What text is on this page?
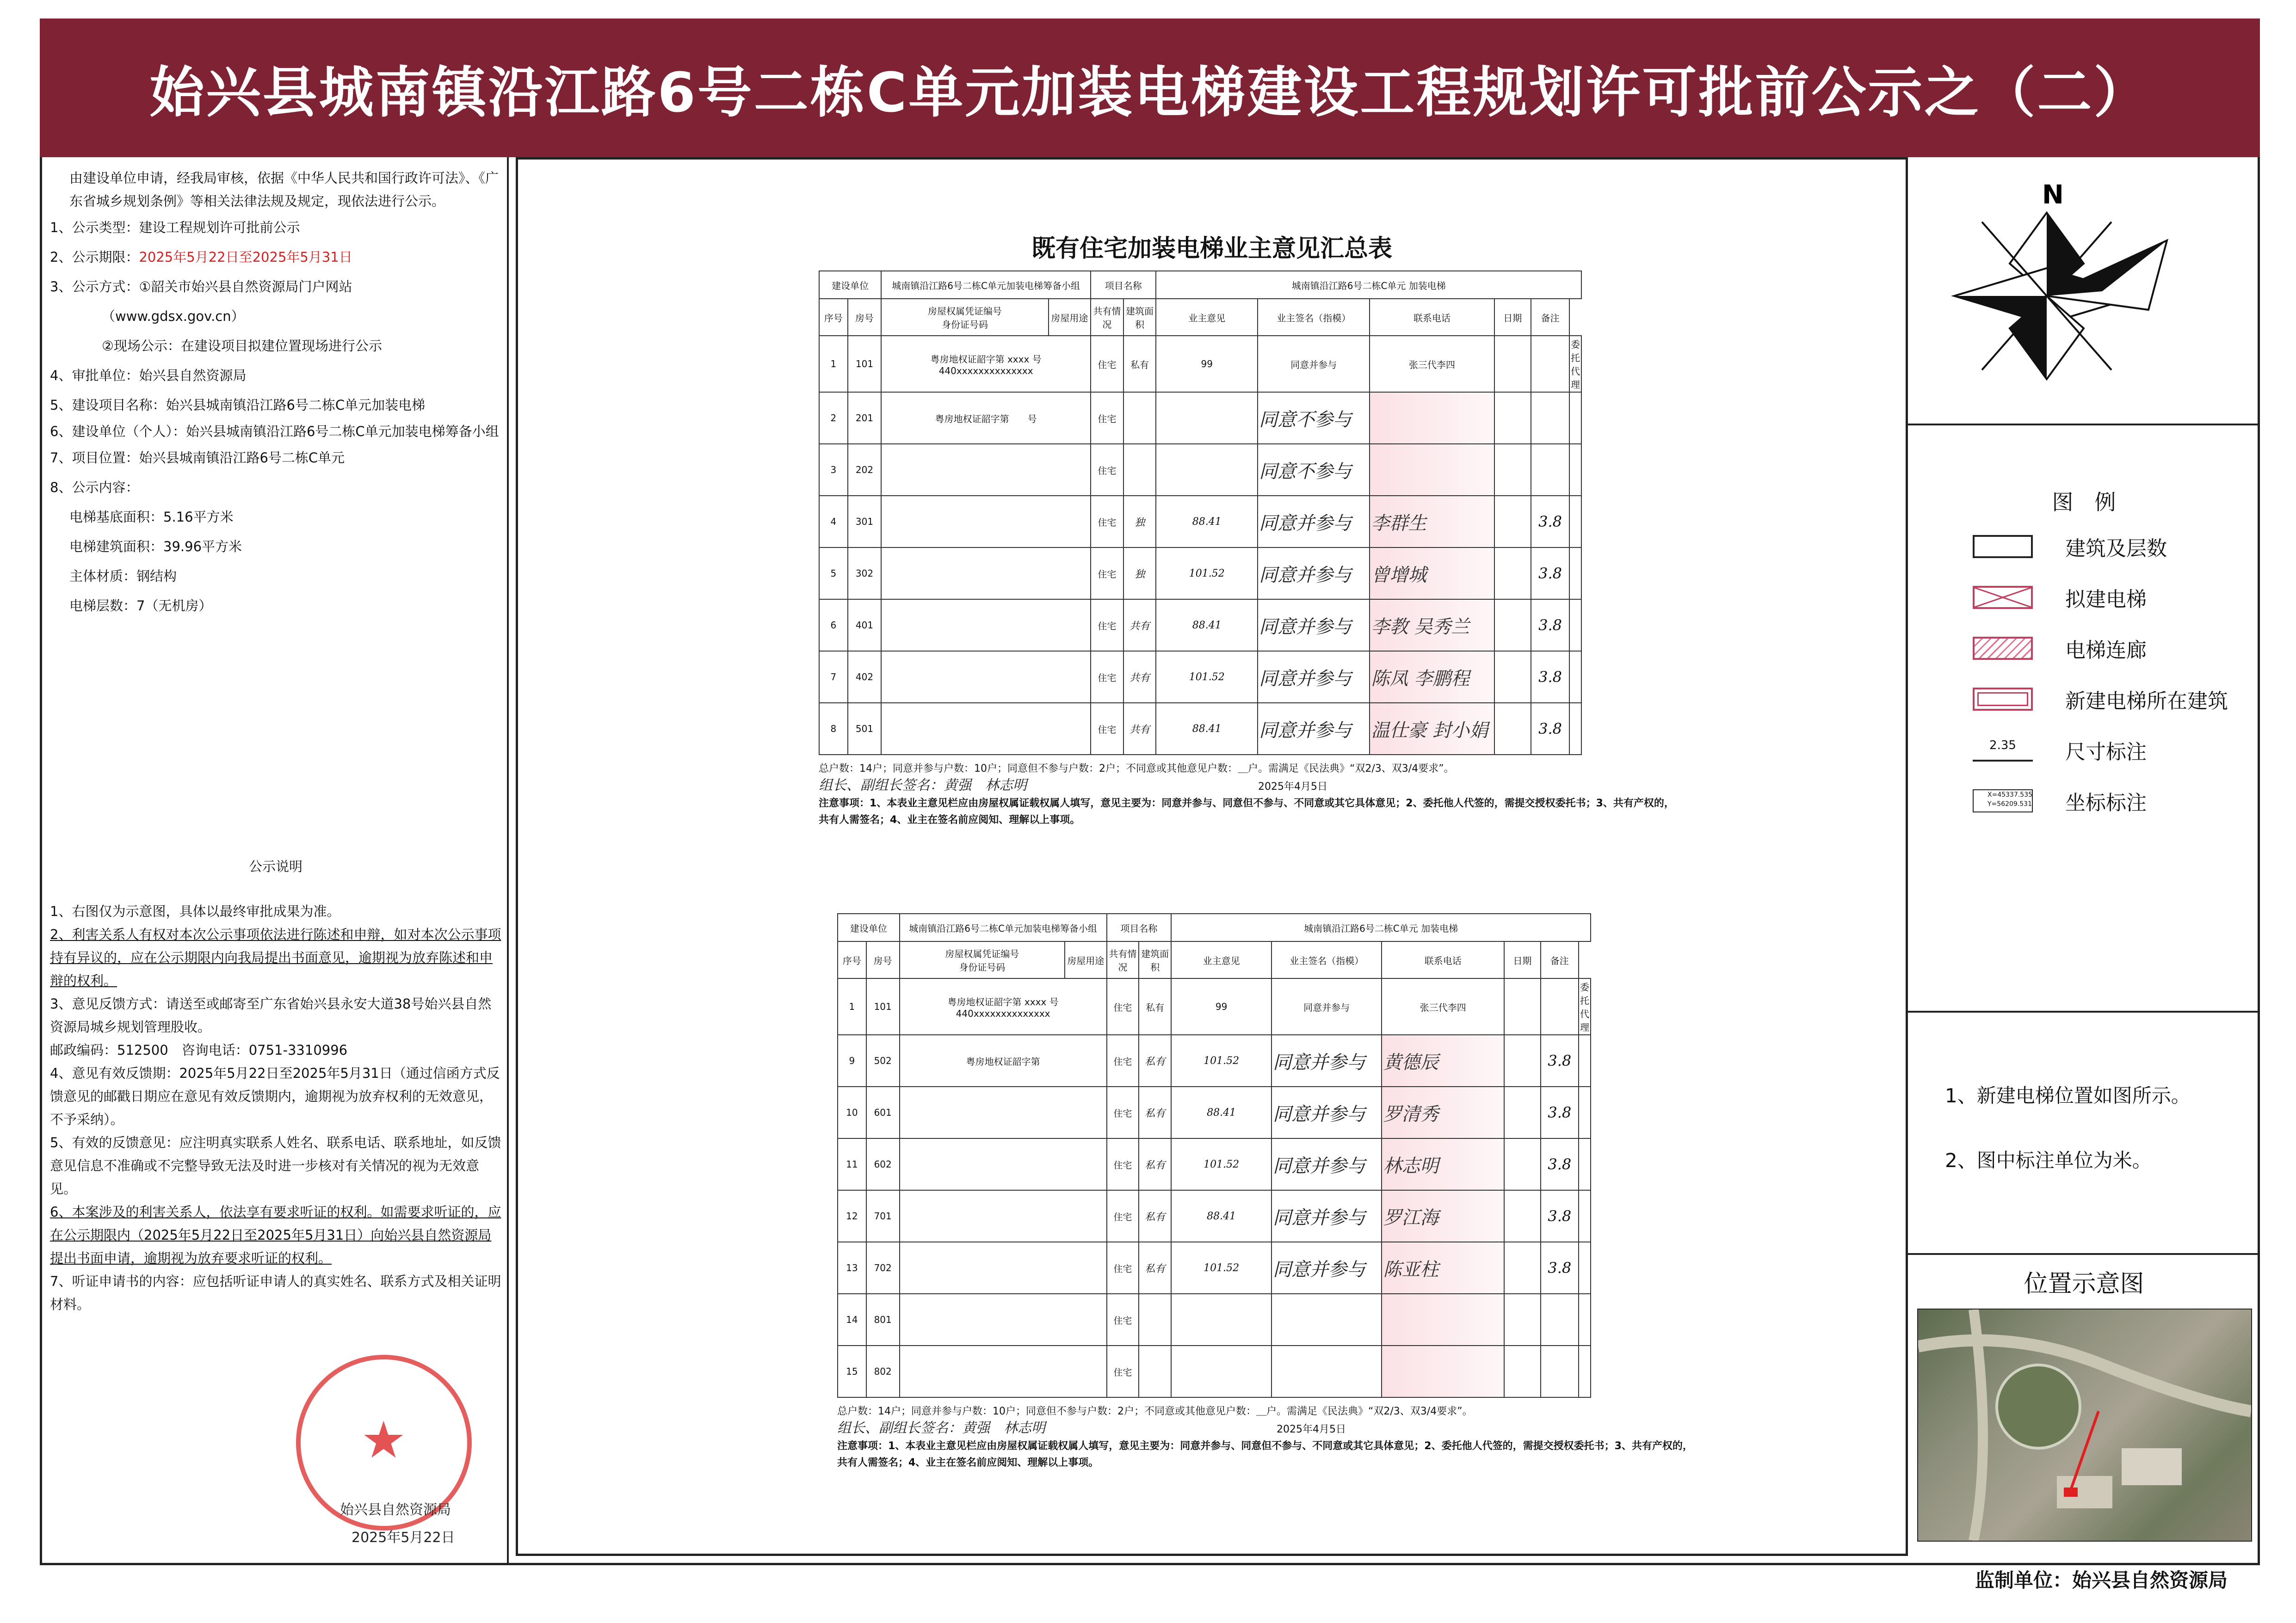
始兴县城南镇沿江路6号二栋C单元加装电梯建设工程规划许可批前公示之（二）

由建设单位申请，经我局审核，依据《中华人民共和国行政许可法》、《广东省城乡规划条例》等相关法律法规及规定，现依法进行公示。

1、公示类型：建设工程规划许可批前公示

2、公示期限：2025年5月22日至2025年5月31日

3、公示方式：①韶关市始兴县自然资源局门户网站

（www.gdsx.gov.cn）

②现场公示：在建设项目拟建位置现场进行公示

4、审批单位：始兴县自然资源局

5、建设项目名称：始兴县城南镇沿江路6号二栋C单元加装电梯

6、建设单位（个人）：始兴县城南镇沿江路6号二栋C单元加装电梯筹备小组

7、项目位置：始兴县城南镇沿江路6号二栋C单元

8、公示内容：

电梯基底面积：5.16平方米

电梯建筑面积：39.96平方米

主体材质：钢结构

电梯层数：7（无机房）

公示说明

1、右图仅为示意图，具体以最终审批成果为准。

2、利害关系人有权对本次公示事项依法进行陈述和申辩，如对本次公示事项持有异议的，应在公示期限内向我局提出书面意见，逾期视为放弃陈述和申辩的权利。

3、意见反馈方式：请送至或邮寄至广东省始兴县永安大道38号始兴县自然资源局城乡规划管理股收。

邮政编码：512500　咨询电话：0751-3310996

4、意见有效反馈期：2025年5月22日至2025年5月31日（通过信函方式反馈意见的邮戳日期应在意见有效反馈期内，逾期视为放弃权利的无效意见，不予采纳）。

5、有效的反馈意见：应注明真实联系人姓名、联系电话、联系地址，如反馈意见信息不准确或不完整导致无法及时进一步核对有关情况的视为无效意见。

6、本案涉及的利害关系人，依法享有要求听证的权利。如需要求听证的，应在公示期限内（2025年5月22日至2025年5月31日）向始兴县自然资源局提出书面申请，逾期视为放弃要求听证的权利。

7、听证申请书的内容：应包括听证申请人的真实姓名、联系方式及相关证明材料。

★
始兴县自然资源局
2025年5月22日
既有住宅加装电梯业主意见汇总表
建设单位		城南镇沿江路6号二栋C单元加装电梯筹备小组		项目名称		城南镇沿江路6号二栋C单元 加装电梯					
序号	房号	房屋权属凭证编号
身份证号码	房屋用途	共有情况	建筑面积	业主意见	业主签名（指模）	联系电话	日期	备注	
1	101	粤房地权证韶字第 xxxx 号
440xxxxxxxxxxxxxx		住宅	私有	99	同意并参与	张三代李四			委托代理
2	201	粤房地权证韶字第　　号		住宅			同意不参与				
3	202			住宅			同意不参与				
4	301			住宅	独	88.41	同意并参与	李群生		3.8	
5	302			住宅	独	101.52	同意并参与	曾增城		3.8	
6	401			住宅	共有	88.41	同意并参与	李教 吴秀兰		3.8	
7	402			住宅	共有	101.52	同意并参与	陈凤 李鹏程		3.8	
8	501			住宅	共有	88.41	同意并参与	温仕豪 封小娟		3.8	
总户数：14户；同意并参与户数：10户；同意但不参与户数：2户；不同意或其他意见户数：＿户。需满足《民法典》“双2/3、双3/4要求”。
组长、副组长签名：黄强　林志明	2025年4月5日
注意事项：1、本表业主意见栏应由房屋权属证载权属人填写，意见主要为：同意并参与、同意但不参与、不同意或其它具体意见；2、委托他人代签的，需提交授权委托书；3、共有产权的，共有人需签名；4、业主在签名前应阅知、理解以上事项。
建设单位		城南镇沿江路6号二栋C单元加装电梯筹备小组		项目名称		城南镇沿江路6号二栋C单元 加装电梯					
序号	房号	房屋权属凭证编号
身份证号码	房屋用途	共有情况	建筑面积	业主意见	业主签名（指模）	联系电话	日期	备注	
1	101	粤房地权证韶字第 xxxx 号
440xxxxxxxxxxxxxx		住宅	私有	99	同意并参与	张三代李四			委托代理
9	502	粤房地权证韶字第		住宅	私有	101.52	同意并参与	黄德辰		3.8	
10	601			住宅	私有	88.41	同意并参与	罗清秀		3.8	
11	602			住宅	私有	101.52	同意并参与	林志明		3.8	
12	701			住宅	私有	88.41	同意并参与	罗江海		3.8	
13	702			住宅	私有	101.52	同意并参与	陈亚柱		3.8	
14	801			住宅							
15	802			住宅							
总户数：14户；同意并参与户数：10户；同意但不参与户数：2户；不同意或其他意见户数：＿户。需满足《民法典》“双2/3、双3/4要求”。
组长、副组长签名：黄强　林志明	2025年4月5日
注意事项：1、本表业主意见栏应由房屋权属证载权属人填写，意见主要为：同意并参与、同意但不参与、不同意或其它具体意见；2、委托他人代签的，需提交授权委托书；3、共有产权的，共有人需签名；4、业主在签名前应阅知、理解以上事项。
N
图　例
建筑及层数
拟建电梯
电梯连廊
新建电梯所在建筑
2.35	尺寸标注
X=45337.535
Y=56209.531 坐标标注

1、新建电梯位置如图所示。

2、图中标注单位为米。

位置示意图
监制单位：始兴县自然资源局
